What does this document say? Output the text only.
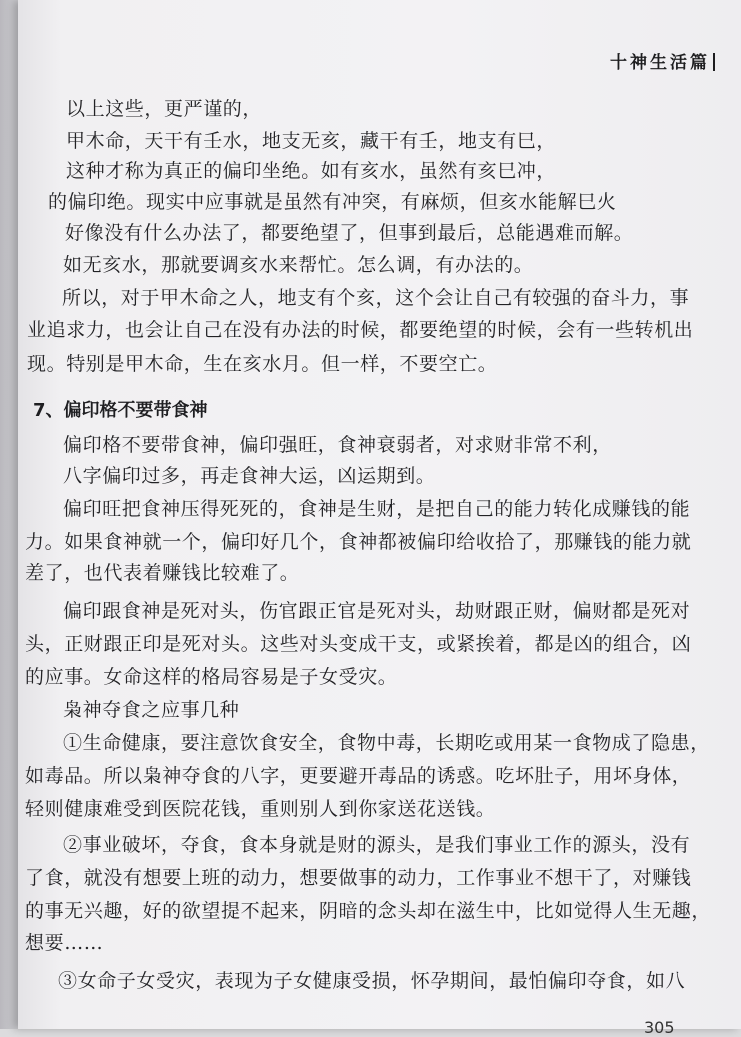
十神生活篇
以上这些，更严谨的，
甲木命，天干有壬水，地支无亥，藏干有壬，地支有巳，
这种才称为真正的偏印坐绝。如有亥水，虽然有亥巳冲，
的偏印绝。现实中应事就是虽然有冲突，有麻烦，但亥水能解巳火
好像没有什么办法了，都要绝望了，但事到最后，总能遇难而解。
如无亥水，那就要调亥水来帮忙。怎么调，有办法的。
所以，对于甲木命之人，地支有个亥，这个会让自己有较强的奋斗力，事
业追求力，也会让自己在没有办法的时候，都要绝望的时候，会有一些转机出
现。特别是甲木命，生在亥水月。但一样，不要空亡。
7、偏印格不要带食神
偏印格不要带食神，偏印强旺，食神衰弱者，对求财非常不利，
八字偏印过多，再走食神大运，凶运期到。
偏印旺把食神压得死死的，食神是生财，是把自己的能力转化成赚钱的能
力。如果食神就一个，偏印好几个，食神都被偏印给收拾了，那赚钱的能力就
差了，也代表着赚钱比较难了。
偏印跟食神是死对头，伤官跟正官是死对头，劫财跟正财，偏财都是死对
头，正财跟正印是死对头。这些对头变成干支，或紧挨着，都是凶的组合，凶
的应事。女命这样的格局容易是子女受灾。
枭神夺食之应事几种
①生命健康，要注意饮食安全，食物中毒，长期吃或用某一食物成了隐患，
如毒品。所以枭神夺食的八字，更要避开毒品的诱惑。吃坏肚子，用坏身体，
轻则健康难受到医院花钱，重则别人到你家送花送钱。
②事业破坏，夺食，食本身就是财的源头，是我们事业工作的源头，没有
了食，就没有想要上班的动力，想要做事的动力，工作事业不想干了，对赚钱
的事无兴趣，好的欲望提不起来，阴暗的念头却在滋生中，比如觉得人生无趣，
想要……
③女命子女受灾，表现为子女健康受损，怀孕期间，最怕偏印夺食，如八
305
